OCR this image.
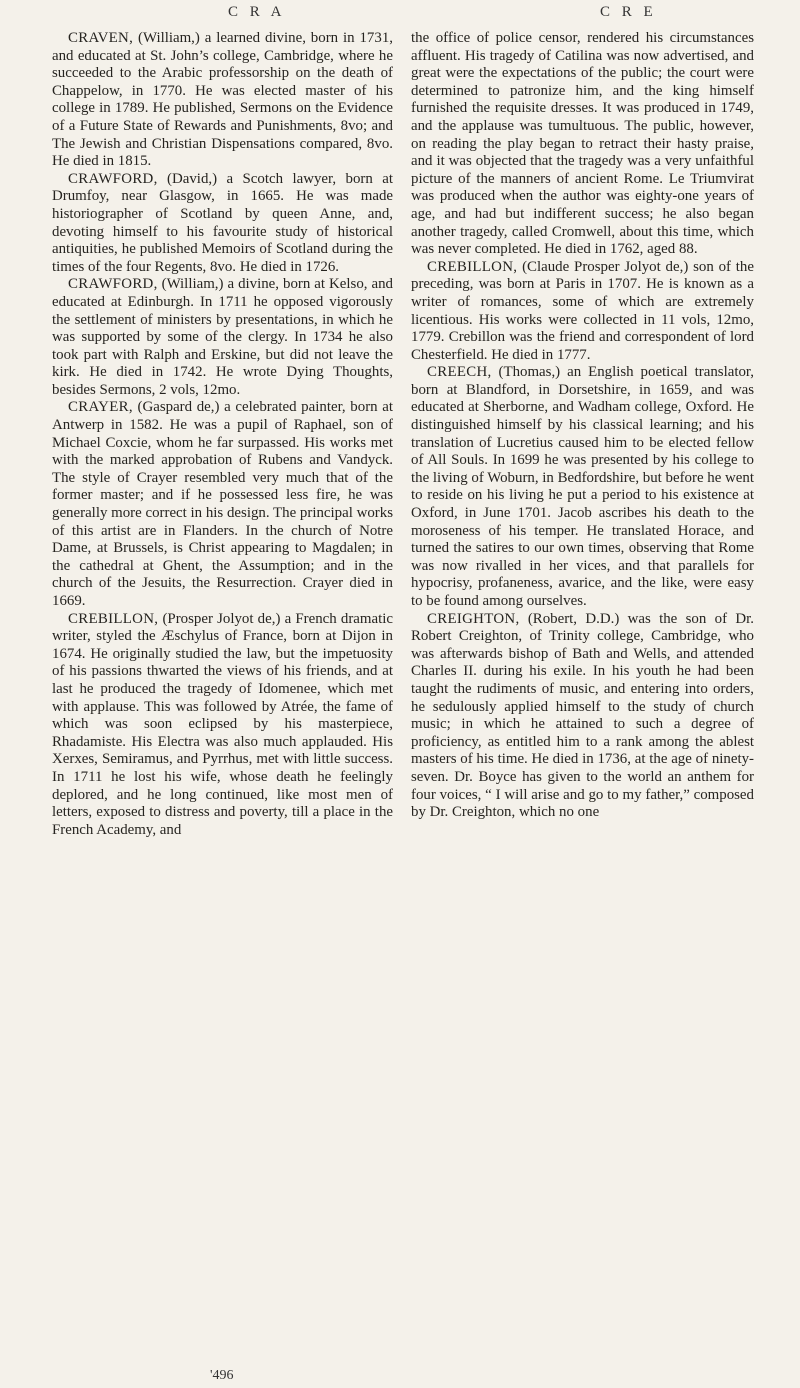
C R A	C R E

CRAVEN, (William,) a learned divine, born in 1731, and educated at St. John’s college, Cambridge, where he succeeded to the Arabic professorship on the death of Chappelow, in 1770. He was elected master of his college in 1789. He published, Sermons on the Evidence of a Future State of Rewards and Punishments, 8vo; and The Jewish and Christian Dispensations compared, 8vo. He died in 1815.

CRAWFORD, (David,) a Scotch lawyer, born at Drumfoy, near Glasgow, in 1665. He was made historiographer of Scotland by queen Anne, and, devoting himself to his favourite study of historical antiquities, he published Memoirs of Scotland during the times of the four Regents, 8vo. He died in 1726.

CRAWFORD, (William,) a divine, born at Kelso, and educated at Edinburgh. In 1711 he opposed vigorously the settlement of ministers by presentations, in which he was supported by some of the clergy. In 1734 he also took part with Ralph and Erskine, but did not leave the kirk. He died in 1742. He wrote Dying Thoughts, besides Sermons, 2 vols, 12mo.

CRAYER, (Gaspard de,) a celebrated painter, born at Antwerp in 1582. He was a pupil of Raphael, son of Michael Coxcie, whom he far surpassed. His works met with the marked approbation of Rubens and Vandyck. The style of Crayer resembled very much that of the former master; and if he possessed less fire, he was generally more correct in his design. The principal works of this artist are in Flanders. In the church of Notre Dame, at Brussels, is Christ appearing to Magdalen; in the cathedral at Ghent, the Assumption; and in the church of the Jesuits, the Resurrection. Crayer died in 1669.

CREBILLON, (Prosper Jolyot de,) a French dramatic writer, styled the Æschylus of France, born at Dijon in 1674. He originally studied the law, but the impetuosity of his passions thwarted the views of his friends, and at last he produced the tragedy of Idomenee, which met with applause. This was followed by Atrée, the fame of which was soon eclipsed by his masterpiece, Rhadamiste. His Electra was also much applauded. His Xerxes, Semiramus, and Pyrrhus, met with little success. In 1711 he lost his wife, whose death he feelingly deplored, and he long continued, like most men of letters, exposed to distress and poverty, till a place in the French Academy, and

the office of police censor, rendered his circumstances affluent. His tragedy of Catilina was now advertised, and great were the expectations of the public; the court were determined to patronize him, and the king himself furnished the requisite dresses. It was produced in 1749, and the applause was tumultuous. The public, however, on reading the play began to retract their hasty praise, and it was objected that the tragedy was a very unfaithful picture of the manners of ancient Rome. Le Triumvirat was produced when the author was eighty-one years of age, and had but indifferent success; he also began another tragedy, called Cromwell, about this time, which was never completed. He died in 1762, aged 88.

CREBILLON, (Claude Prosper Jolyot de,) son of the preceding, was born at Paris in 1707. He is known as a writer of romances, some of which are extremely licentious. His works were collected in 11 vols, 12mo, 1779. Crebillon was the friend and correspondent of lord Chesterfield. He died in 1777.

CREECH, (Thomas,) an English poetical translator, born at Blandford, in Dorsetshire, in 1659, and was educated at Sherborne, and Wadham college, Oxford. He distinguished himself by his classical learning; and his translation of Lucretius caused him to be elected fellow of All Souls. In 1699 he was presented by his college to the living of Woburn, in Bedfordshire, but before he went to reside on his living he put a period to his existence at Oxford, in June 1701. Jacob ascribes his death to the moroseness of his temper. He translated Horace, and turned the satires to our own times, observing that Rome was now rivalled in her vices, and that parallels for hypocrisy, profaneness, avarice, and the like, were easy to be found among ourselves.

CREIGHTON, (Robert, D.D.) was the son of Dr. Robert Creighton, of Trinity college, Cambridge, who was afterwards bishop of Bath and Wells, and attended Charles II. during his exile. In his youth he had been taught the rudiments of music, and entering into orders, he sedulously applied himself to the study of church music; in which he attained to such a degree of proficiency, as entitled him to a rank among the ablest masters of his time. He died in 1736, at the age of ninety-seven. Dr. Boyce has given to the world an anthem for four voices, “ I will arise and go to my father,” composed by Dr. Creighton, which no one

'496
